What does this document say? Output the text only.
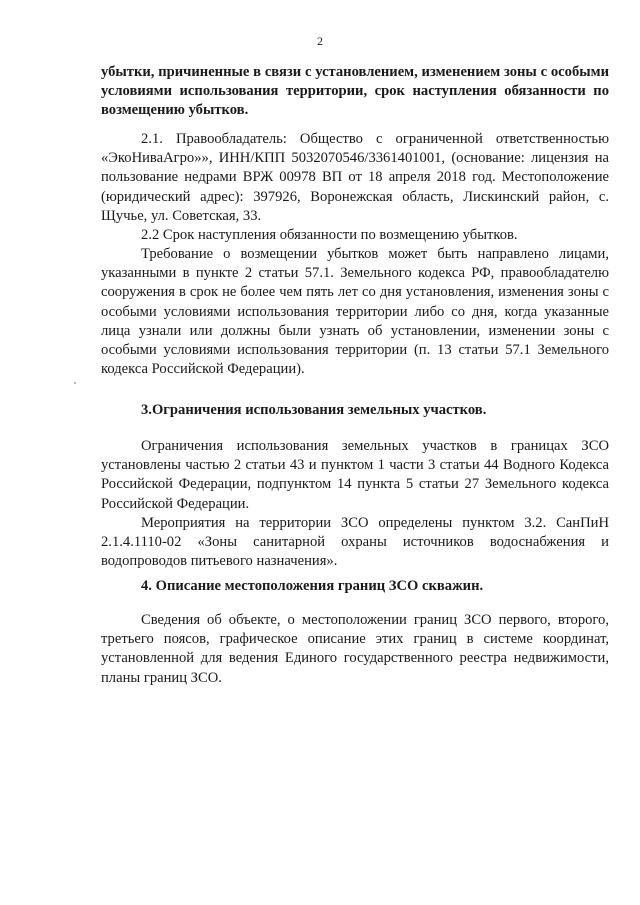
2

убытки, причиненные в связи с установлением, изменением зоны с особыми условиями использования территории, срок наступления обязанности по возмещению убытков.

2.1. Правообладатель: Общество с ограниченной ответственностью «ЭкоНиваАгро»», ИНН/КПП 5032070546/3361401001, (основание: лицензия на пользование недрами ВРЖ 00978 ВП от 18 апреля 2018 год. Местоположение (юридический адрес): 397926, Воронежская область, Лискинский район, с. Щучье, ул. Советская, 33.

2.2 Срок наступления обязанности по возмещению убытков.

Требование о возмещении убытков может быть направлено лицами, указанными в пункте 2 статьи 57.1. Земельного кодекса РФ, правообладателю сооружения в срок не более чем пять лет со дня установления, изменения зоны с особыми условиями использования территории либо со дня, когда указанные лица узнали или должны были узнать об установлении, изменении зоны с особыми условиями использования территории (п. 13 статьи 57.1 Земельного кодекса Российской Федерации).

3.Ограничения использования земельных участков.

Ограничения использования земельных участков в границах ЗСО установлены частью 2 статьи 43 и пунктом 1 части 3 статьи 44 Водного Кодекса Российской Федерации, подпунктом 14 пункта 5 статьи 27 Земельного кодекса Российской Федерации.

Мероприятия на территории ЗСО определены пунктом 3.2. СанПиН 2.1.4.1110-02 «Зоны санитарной охраны источников водоснабжения и водопроводов питьевого назначения».

4. Описание местоположения границ ЗСО скважин.

Сведения об объекте, о местоположении границ ЗСО первого, второго, третьего поясов, графическое описание этих границ в системе координат, установленной для ведения Единого государственного реестра недвижимости, планы границ ЗСО.
